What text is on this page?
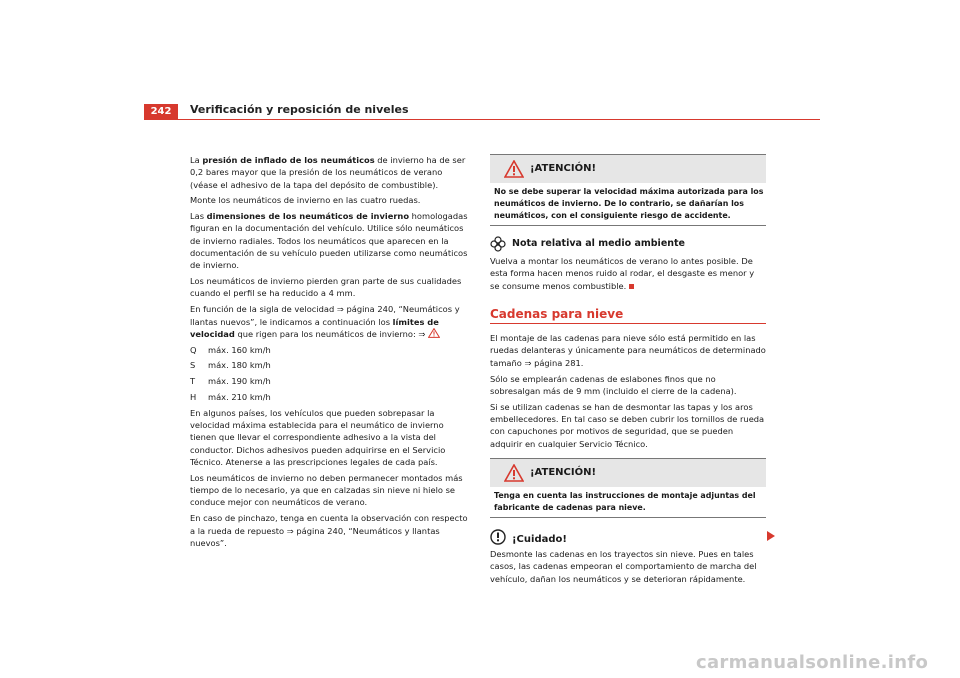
242	Verificación y reposición de niveles

La presión de inflado de los neumáticos de invierno ha de ser 0,2 bares mayor que la presión de los neumáticos de verano (véase el adhesivo de la tapa del depósito de combustible).

Monte los neumáticos de invierno en las cuatro ruedas.

Las dimensiones de los neumáticos de invierno homologadas figuran en la documentación del vehículo. Utilice sólo neumáticos de invierno radiales. Todos los neumáticos que aparecen en la documentación de su vehículo pueden utilizarse como neumáticos de invierno.

Los neumáticos de invierno pierden gran parte de sus cualidades cuando el perfil se ha reducido a 4 mm.

En función de la sigla de velocidad ⇒ página 240, “Neumáticos y llantas nuevos”, le indicamos a continuación los límites de velocidad que rigen para los neumáticos de invierno: ⇒

Q	máx. 160 km/h
S	máx. 180 km/h
T	máx. 190 km/h
H	máx. 210 km/h

En algunos países, los vehículos que pueden sobrepasar la velocidad máxima establecida para el neumático de invierno tienen que llevar el correspondiente adhesivo a la vista del conductor. Dichos adhesivos pueden adquirirse en el Servicio Técnico. Atenerse a las prescripciones legales de cada país.

Los neumáticos de invierno no deben permanecer montados más tiempo de lo necesario, ya que en calzadas sin nieve ni hielo se conduce mejor con neumáticos de verano.

En caso de pinchazo, tenga en cuenta la observación con respecto a la rueda de repuesto ⇒ página 240, “Neumáticos y llantas nuevos”.

¡ATENCIÓN!
No se debe superar la velocidad máxima autorizada para los neumáticos de invierno. De lo contrario, se dañarían los neumáticos, con el consiguiente riesgo de accidente.
Nota relativa al medio ambiente

Vuelva a montar los neumáticos de verano lo antes posible. De esta forma hacen menos ruido al rodar, el desgaste es menor y se consume menos combustible.

Cadenas para nieve

El montaje de las cadenas para nieve sólo está permitido en las ruedas delanteras y únicamente para neumáticos de determinado tamaño ⇒ página 281.

Sólo se emplearán cadenas de eslabones finos que no sobresalgan más de 9 mm (incluido el cierre de la cadena).

Si se utilizan cadenas se han de desmontar las tapas y los aros embellecedores. En tal caso se deben cubrir los tornillos de rueda con capuchones por motivos de seguridad, que se pueden adquirir en cualquier Servicio Técnico.

¡ATENCIÓN!
Tenga en cuenta las instrucciones de montaje adjuntas del fabricante de cadenas para nieve.
¡Cuidado!

Desmonte las cadenas en los trayectos sin nieve. Pues en tales casos, las cadenas empeoran el comportamiento de marcha del vehículo, dañan los neumáticos y se deterioran rápidamente.

carmanualsonline.info
